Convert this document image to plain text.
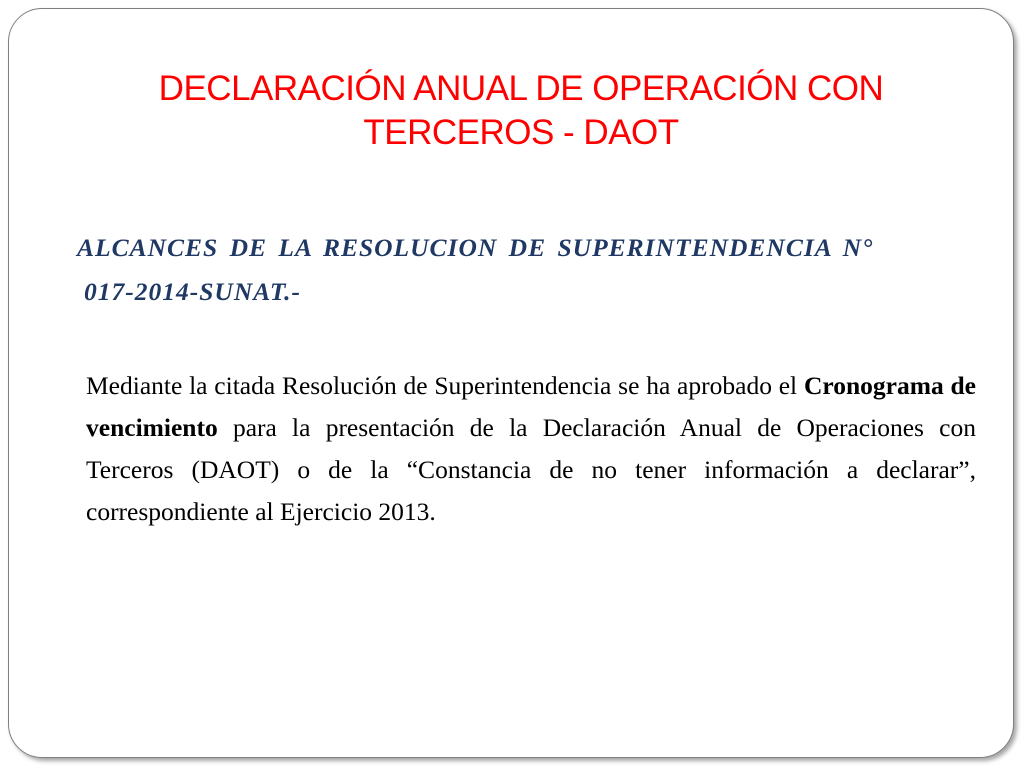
DECLARACIÓN ANUAL DE OPERACIÓN CON
TERCEROS - DAOT
ALCANCES DE LA RESOLUCION DE SUPERINTENDENCIA N°
017-2014-SUNAT.-

Mediante la citada Resolución de Superintendencia se ha aprobado el Cronograma de vencimiento para la presentación de la Declaración Anual de Operaciones con Terceros (DAOT) o de la “Constancia de no tener información a declarar”, correspondiente al Ejercicio 2013.
